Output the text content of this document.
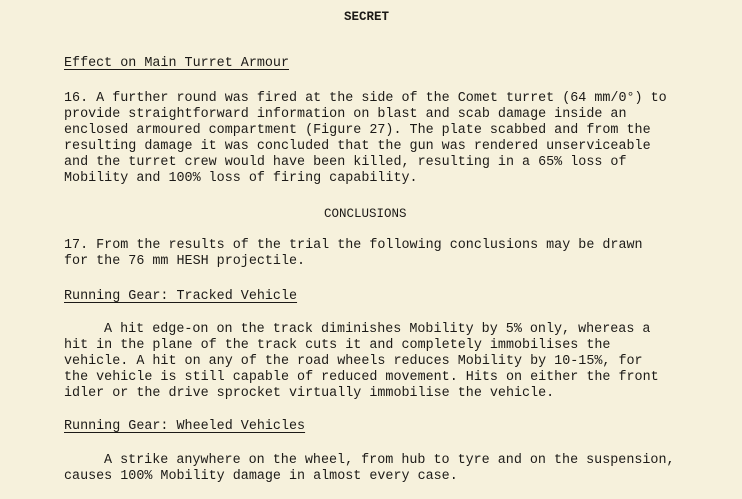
SECRET
Effect on Main Turret Armour
16. A further round was fired at the side of the Comet turret (64 mm/0°) to
provide straightforward information on blast and scab damage inside an
enclosed armoured compartment (Figure 27). The plate scabbed and from the
resulting damage it was concluded that the gun was rendered unserviceable
and the turret crew would have been killed, resulting in a 65% loss of
Mobility and 100% loss of firing capability.
CONCLUSIONS
17. From the results of the trial the following conclusions may be drawn
for the 76 mm HESH projectile.
Running Gear: Tracked Vehicle
A hit edge-on on the track diminishes Mobility by 5% only, whereas a
hit in the plane of the track cuts it and completely immobilises the
vehicle. A hit on any of the road wheels reduces Mobility by 10-15%, for
the vehicle is still capable of reduced movement. Hits on either the front
idler or the drive sprocket virtually immobilise the vehicle.
Running Gear: Wheeled Vehicles
A strike anywhere on the wheel, from hub to tyre and on the suspension,
causes 100% Mobility damage in almost every case.
